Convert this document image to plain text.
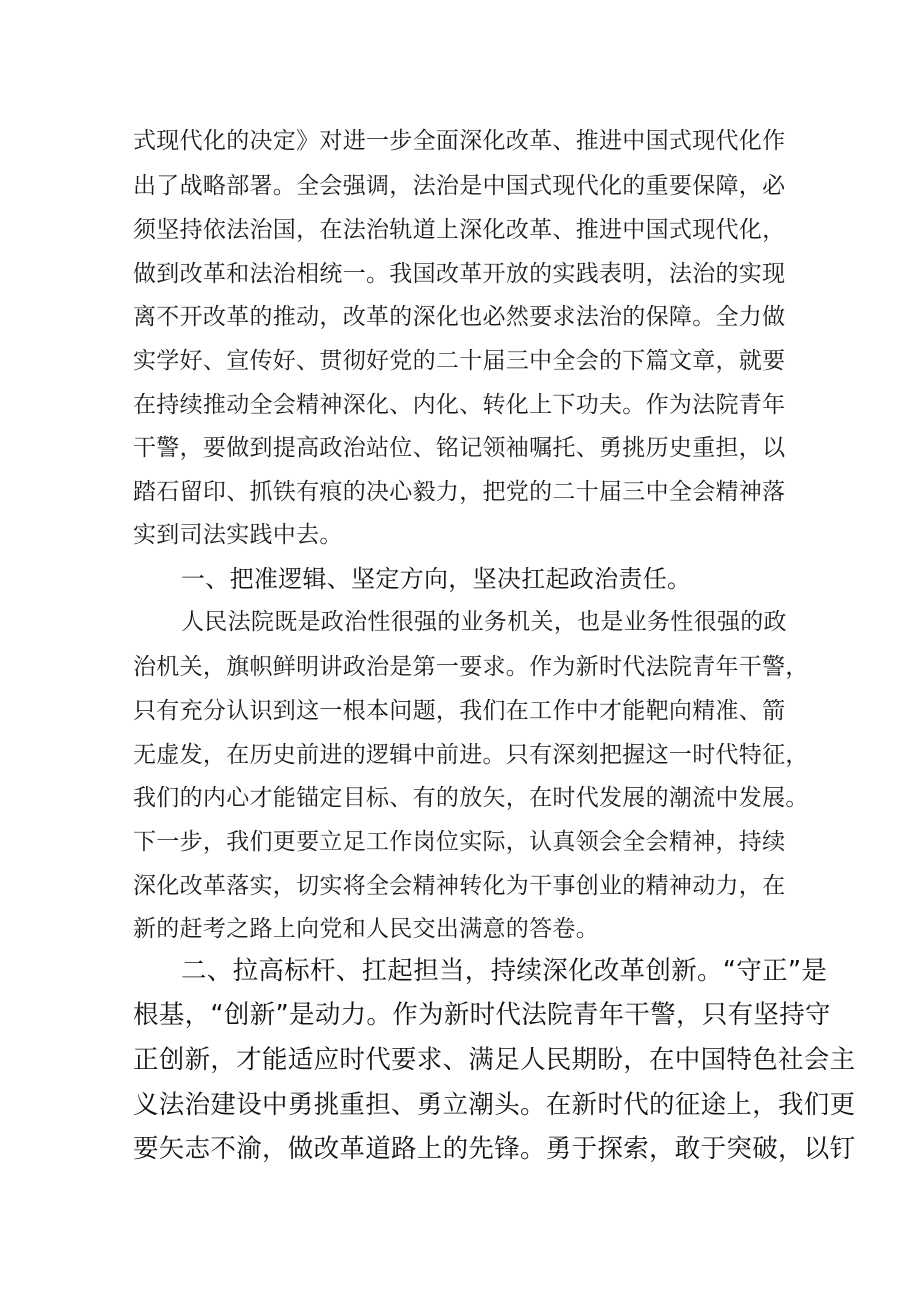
式现代化的决定》对进一步全面深化改革、推进中国式现代化作
出了战略部署。全会强调，法治是中国式现代化的重要保障，必
须坚持依法治国，在法治轨道上深化改革、推进中国式现代化，
做到改革和法治相统一。我国改革开放的实践表明，法治的实现
离不开改革的推动，改革的深化也必然要求法治的保障。全力做
实学好、宣传好、贯彻好党的二十届三中全会的下篇文章，就要
在持续推动全会精神深化、内化、转化上下功夫。作为法院青年
干警，要做到提高政治站位、铭记领袖嘱托、勇挑历史重担，以
踏石留印、抓铁有痕的决心毅力，把党的二十届三中全会精神落
实到司法实践中去。
一、把准逻辑、坚定方向，坚决扛起政治责任。
人民法院既是政治性很强的业务机关，也是业务性很强的政
治机关，旗帜鲜明讲政治是第一要求。作为新时代法院青年干警，
只有充分认识到这一根本问题，我们在工作中才能靶向精准、箭
无虚发，在历史前进的逻辑中前进。只有深刻把握这一时代特征，
我们的内心才能锚定目标、有的放矢，在时代发展的潮流中发展。
下一步，我们更要立足工作岗位实际，认真领会全会精神，持续
深化改革落实，切实将全会精神转化为干事创业的精神动力，在
新的赶考之路上向党和人民交出满意的答卷。
二、拉高标杆、扛起担当，持续深化改革创新。“守正”是
根基，“创新”是动力。作为新时代法院青年干警，只有坚持守
正创新，才能适应时代要求、满足人民期盼，在中国特色社会主
义法治建设中勇挑重担、勇立潮头。在新时代的征途上，我们更
要矢志不渝，做改革道路上的先锋。勇于探索，敢于突破，以钉
